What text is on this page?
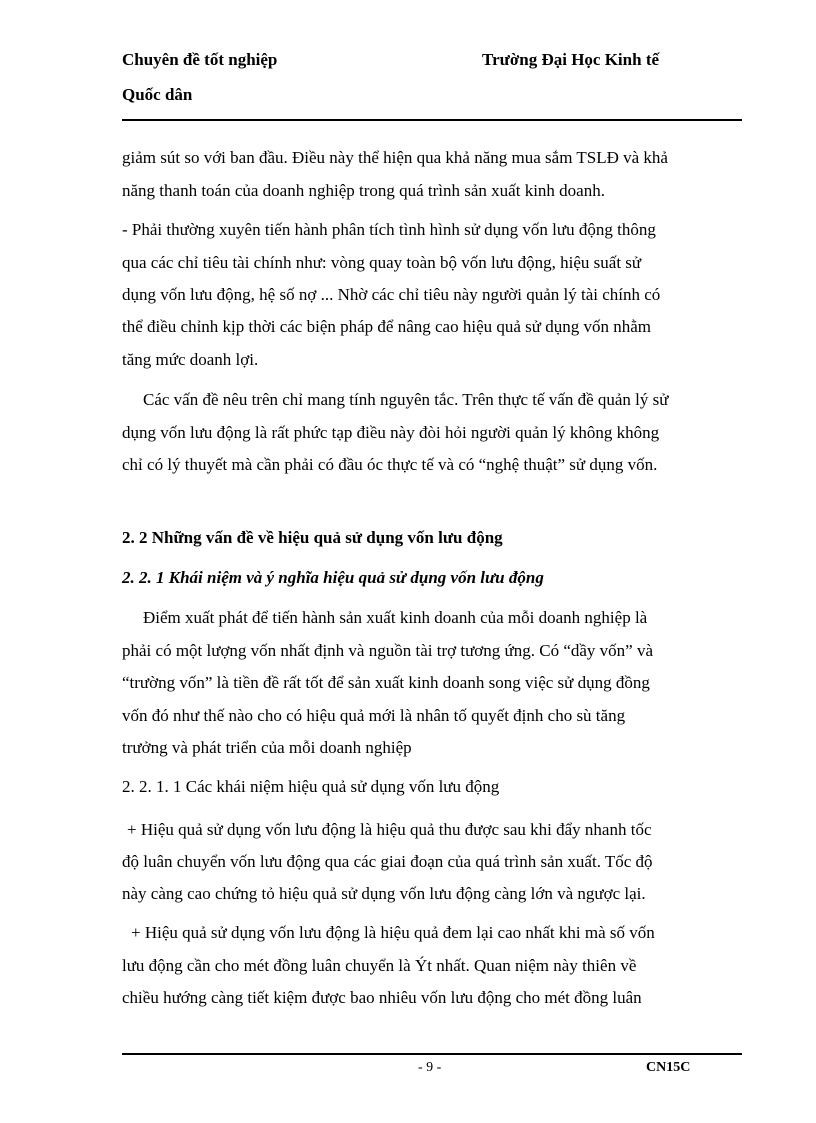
Chuyên đề tốt nghiệp	Trường Đại Học Kinh tế
Quốc dân
giảm sút so với ban đầu. Điều này thể hiện qua khả năng mua sắm TSLĐ và khả
năng thanh toán của doanh nghiệp trong quá trình sản xuất kinh doanh.
- Phải thường xuyên tiến hành phân tích tình hình sử dụng vốn lưu động thông
qua các chỉ tiêu tài chính như: vòng quay toàn bộ vốn lưu động, hiệu suất sử
dụng vốn lưu động, hệ số nợ ... Nhờ các chỉ tiêu này người quản lý tài chính có
thể điều chỉnh kịp thời các biện pháp để nâng cao hiệu quả sử dụng vốn nhằm
tăng mức doanh lợi.
Các vấn đề nêu trên chỉ mang tính nguyên tắc. Trên thực tế vấn đề quản lý sử
dụng vốn lưu động là rất phức tạp điều này đòi hỏi người quản lý không không
chỉ có lý thuyết mà cần phải có đầu óc thực tế và có “nghệ thuật” sử dụng vốn.
2. 2 Những vấn đề về hiệu quả sử dụng vốn lưu động
2. 2. 1 Khái niệm và ý nghĩa hiệu quả sử dụng vốn lưu động
Điểm xuất phát để tiến hành sản xuất kinh doanh của mỗi doanh nghiệp là
phải có một lượng vốn nhất định và nguồn tài trợ tương ứng. Có “dầy vốn” và
“trường vốn” là tiền đề rất tốt để sản xuất kinh doanh song việc sử dụng đồng
vốn đó như thế nào cho có hiệu quả mới là nhân tố quyết định cho sù tăng
trưởng và phát triển của mỗi doanh nghiệp
2. 2. 1. 1 Các khái niệm hiệu quả sử dụng vốn lưu động
+ Hiệu quả sử dụng vốn lưu động là hiệu quả thu được sau khi đẩy nhanh tốc
độ luân chuyển vốn lưu động qua các giai đoạn của quá trình sản xuất. Tốc độ
này càng cao chứng tỏ hiệu quả sử dụng vốn lưu động càng lớn và ngược lại.
+ Hiệu quả sử dụng vốn lưu động là hiệu quả đem lại cao nhất khi mà số vốn
lưu động cần cho mét đồng luân chuyển là Ýt nhất. Quan niệm này thiên về
chiều hướng càng tiết kiệm được bao nhiêu vốn lưu động cho mét đồng luân
- 9 -	CN15C
